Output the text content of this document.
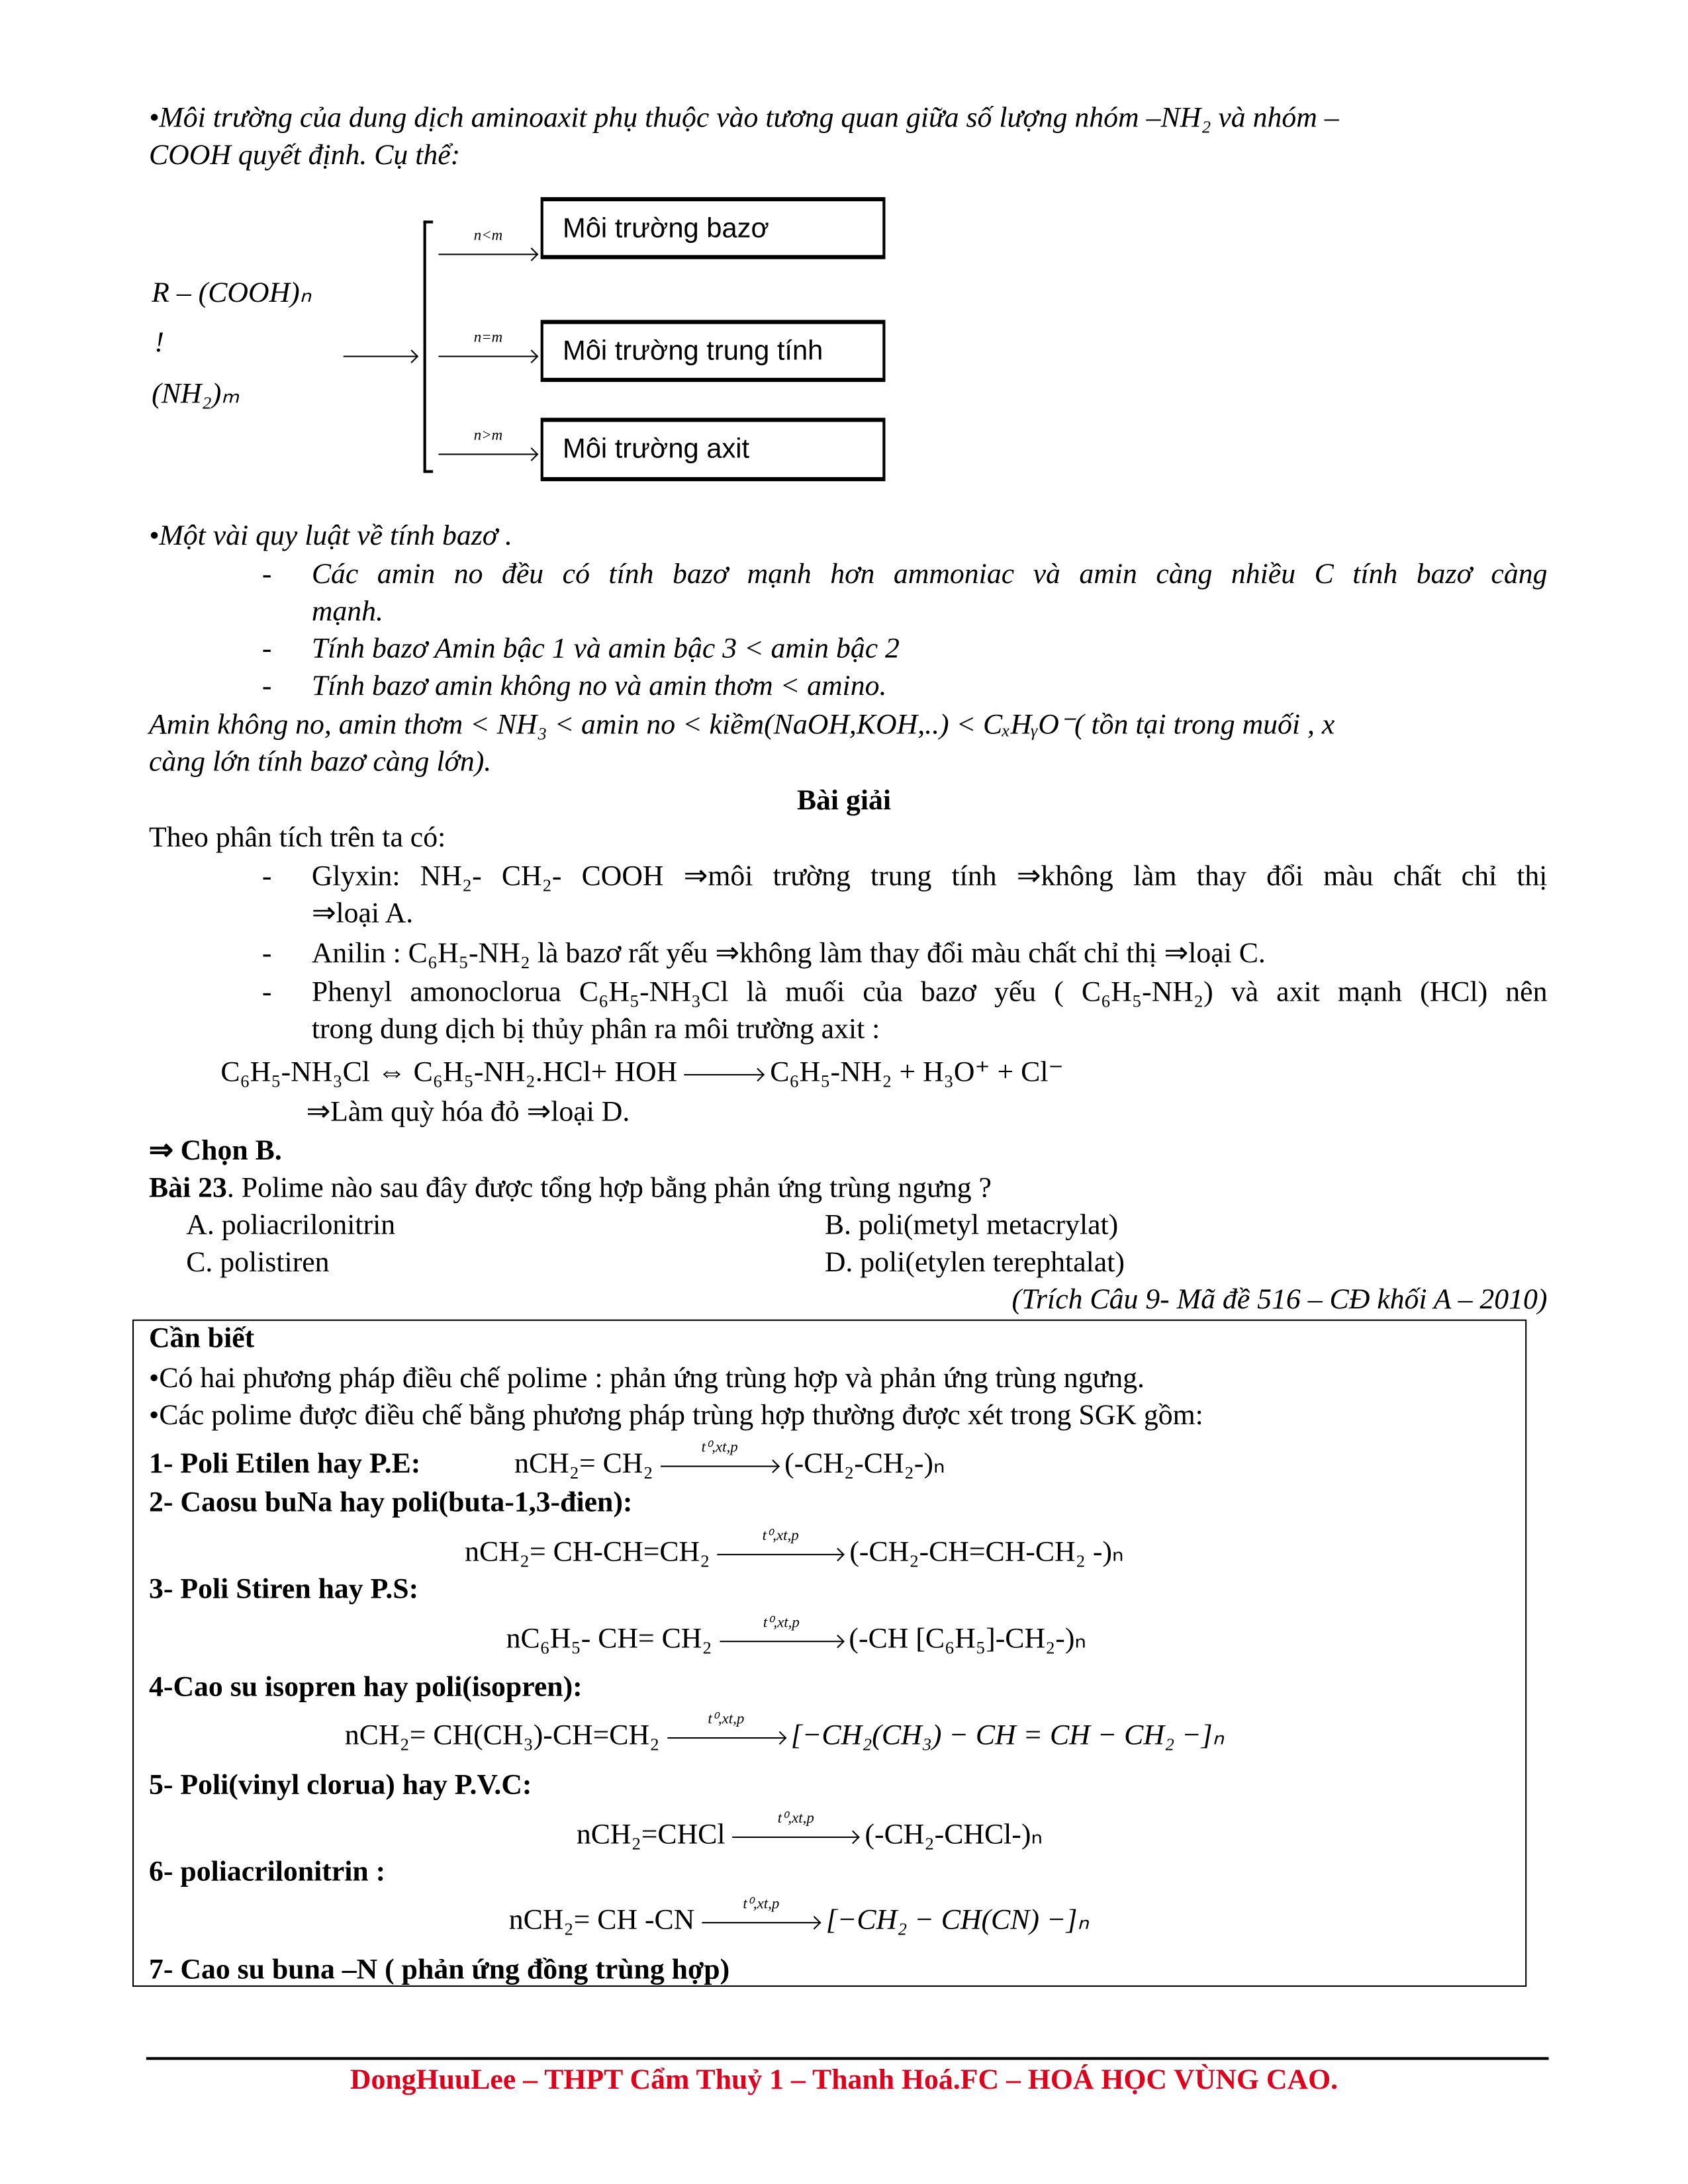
•Môi trường của dung dịch aminoaxit phụ thuộc vào tương quan giữa số lượng nhóm –NH₂ và nhóm –
COOH quyết định. Cụ thể:
R – (COOH)ₙ
!
(NH₂)ₘ
n<m	Môi trường bazơ
n=m	Môi trường trung tính
n>m	Môi trường axit
•Một vài quy luật về tính bazơ .
-	Các amin no đều có tính bazơ mạnh hơn ammoniac và amin càng nhiều C tính bazơ càng
mạnh.
-	Tính bazơ Amin bậc 1 và amin bậc 3 < amin bậc 2
-	Tính bazơ amin không no và amin thơm < amino.
Amin không no, amin thơm < NH₃ < amin no < kiềm(NaOH,KOH,..) < CₓHᵧO⁻( tồn tại trong muối , x
càng lớn tính bazơ càng lớn).
Bài giải
Theo phân tích trên ta có:
-	Glyxin: NH₂- CH₂- COOH ⇒môi trường trung tính ⇒không làm thay đổi màu chất chỉ thị
⇒loại A.
-	Anilin : C₆H₅-NH₂ là bazơ rất yếu ⇒không làm thay đổi màu chất chỉ thị ⇒loại C.
-	Phenyl amonoclorua C₆H₅-NH₃Cl là muối của bazơ yếu ( C₆H₅-NH₂) và axit mạnh (HCl) nên
trong dung dịch bị thủy phân ra môi trường axit :
C₆H₅-NH₃Cl ⇔ C₆H₅-NH₂.HCl+ HOH	C₆H₅-NH₂ + H₃O⁺ + Cl⁻
⇒Làm quỳ hóa đỏ ⇒loại D.
⇒ Chọn B.
Bài 23. Polime nào sau đây được tổng hợp bằng phản ứng trùng ngưng ?
A. poliacrilonitrin	B. poli(metyl metacrylat)
C. polistiren	D. poli(etylen terephtalat)
(Trích Câu 9- Mã đề 516 – CĐ khối A – 2010)
Cần biết
•Có hai phương pháp điều chế polime : phản ứng trùng hợp và phản ứng trùng ngưng.
•Các polime được điều chế bằng phương pháp trùng hợp thường được xét trong SGK gồm:
1- Poli Etilen hay P.E:	nCH₂= CH₂	t⁰,xt,p	(-CH₂-CH₂-)ₙ
2- Caosu buNa hay poli(buta-1,3-đien):
nCH₂= CH-CH=CH₂	t⁰,xt,p	(-CH₂-CH=CH-CH₂ -)ₙ
3- Poli Stiren hay P.S:
nC₆H₅- CH= CH₂	t⁰,xt,p	(-CH [C₆H₅]-CH₂-)ₙ
4-Cao su isopren hay poli(isopren):
nCH₂= CH(CH₃)-CH=CH₂	t⁰,xt,p	[−CH₂(CH₃) − CH = CH − CH₂ −]ₙ
5- Poli(vinyl clorua) hay P.V.C:
nCH₂=CHCl	t⁰,xt,p	(-CH₂-CHCl-)ₙ
6- poliacrilonitrin :
nCH₂= CH -CN	t⁰,xt,p	[−CH₂ − CH(CN) −]ₙ
7- Cao su buna –N ( phản ứng đồng trùng hợp)
DongHuuLee – THPT Cẩm Thuỷ 1 – Thanh Hoá.FC – HOÁ HỌC VÙNG CAO.
